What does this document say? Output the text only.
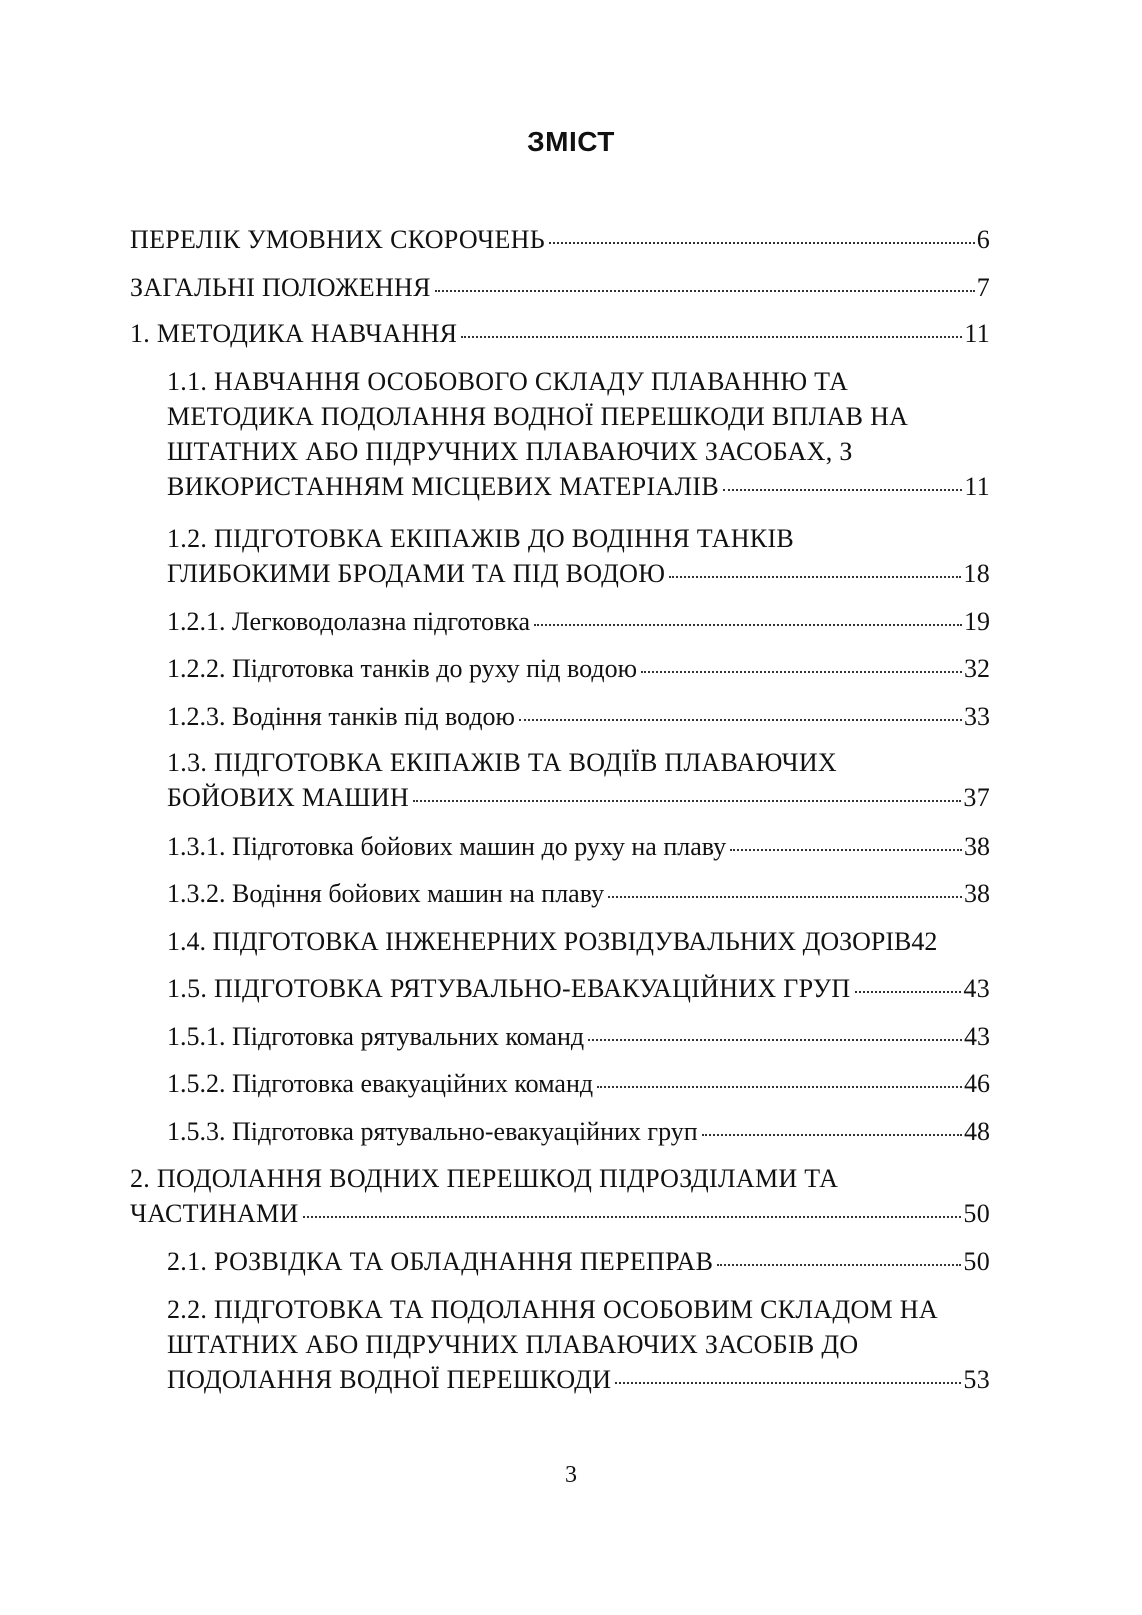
ЗМІСТ
ПЕРЕЛІК УМОВНИХ СКОРОЧЕНЬ	6
ЗАГАЛЬНІ ПОЛОЖЕННЯ	7
1. МЕТОДИКА НАВЧАННЯ	11
1.1. НАВЧАННЯ ОСОБОВОГО СКЛАДУ ПЛАВАННЮ ТА
МЕТОДИКА ПОДОЛАННЯ ВОДНОЇ ПЕРЕШКОДИ ВПЛАВ НА
ШТАТНИХ АБО ПІДРУЧНИХ ПЛАВАЮЧИХ ЗАСОБАХ, З
ВИКОРИСТАННЯМ МІСЦЕВИХ МАТЕРІАЛІВ	11
1.2. ПІДГОТОВКА ЕКІПАЖІВ ДО ВОДІННЯ ТАНКІВ
ГЛИБОКИМИ БРОДАМИ ТА ПІД ВОДОЮ	18
1.2.1. Легководолазна підготовка	19
1.2.2. Підготовка танків до руху під водою	32
1.2.3. Водіння танків під водою	33
1.3. ПІДГОТОВКА ЕКІПАЖІВ ТА ВОДІЇВ ПЛАВАЮЧИХ
БОЙОВИХ МАШИН	37
1.3.1. Підготовка бойових машин до руху на плаву	38
1.3.2. Водіння бойових машин на плаву	38
1.4. ПІДГОТОВКА ІНЖЕНЕРНИХ РОЗВІДУВАЛЬНИХ ДОЗОРІВ 42
1.5. ПІДГОТОВКА РЯТУВАЛЬНО-ЕВАКУАЦІЙНИХ ГРУП	43
1.5.1. Підготовка рятувальних команд	43
1.5.2. Підготовка евакуаційних команд	46
1.5.3. Підготовка рятувально-евакуаційних груп	48
2. ПОДОЛАННЯ ВОДНИХ ПЕРЕШКОД ПІДРОЗДІЛАМИ ТА
ЧАСТИНАМИ	50
2.1. РОЗВІДКА ТА ОБЛАДНАННЯ ПЕРЕПРАВ	50
2.2. ПІДГОТОВКА ТА ПОДОЛАННЯ ОСОБОВИМ СКЛАДОМ НА
ШТАТНИХ АБО ПІДРУЧНИХ ПЛАВАЮЧИХ ЗАСОБІВ ДО
ПОДОЛАННЯ ВОДНОЇ ПЕРЕШКОДИ	53
3
